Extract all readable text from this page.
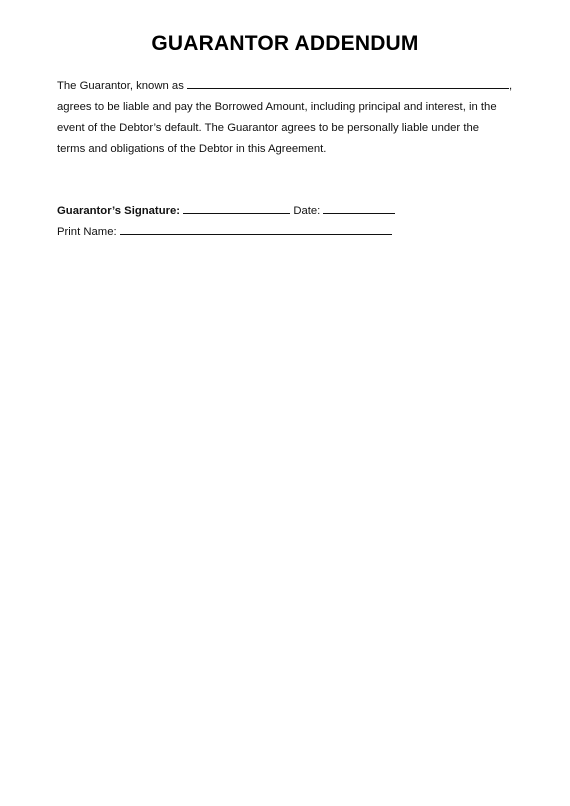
GUARANTOR ADDENDUM
The Guarantor, known as	,
agrees to be liable and pay the Borrowed Amount, including principal and interest, in the
event of the Debtor’s default. The Guarantor agrees to be personally liable under the
terms and obligations of the Debtor in this Agreement.
Guarantor’s Signature:	Date:
Print Name:
